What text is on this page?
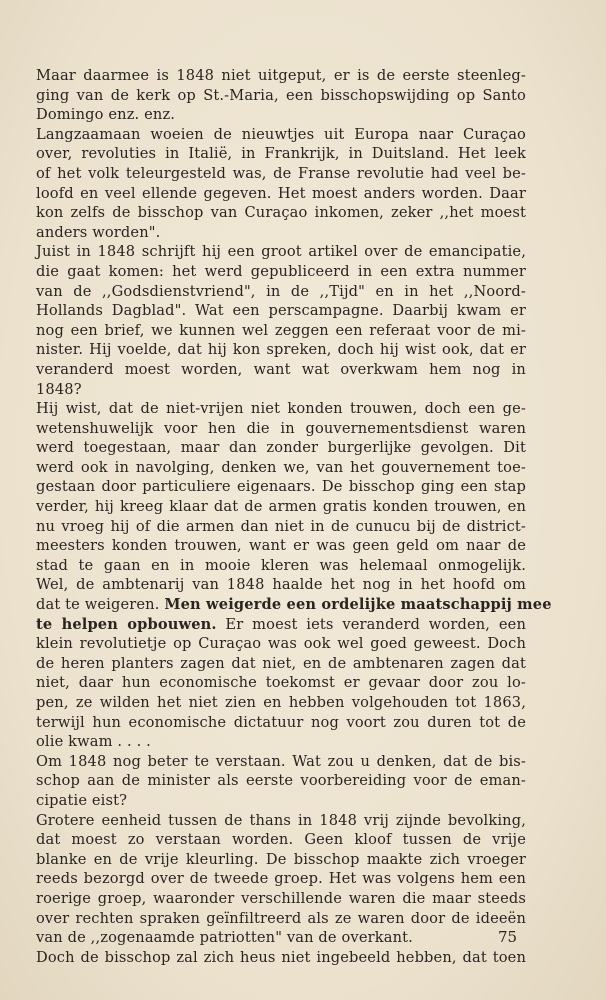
Maar daarmee is 1848 niet uitgeput, er is de eerste steenleg-
ging van de kerk op St.-Maria, een bisschopswijding op Santo
Domingo enz. enz.
Langzaamaan woeien de nieuwtjes uit Europa naar Curaçao
over, revoluties in Italië, in Frankrijk, in Duitsland. Het leek
of het volk teleurgesteld was, de Franse revolutie had veel be-
loofd en veel ellende gegeven. Het moest anders worden. Daar
kon zelfs de bisschop van Curaçao inkomen, zeker ,,het moest
anders worden".
Juist in 1848 schrijft hij een groot artikel over de emancipatie,
die gaat komen: het werd gepubliceerd in een extra nummer
van de ,,Godsdienstvriend", in de ,,Tijd" en in het ,,Noord-
Hollands Dagblad". Wat een perscampagne. Daarbij kwam er
nog een brief, we kunnen wel zeggen een referaat voor de mi-
nister. Hij voelde, dat hij kon spreken, doch hij wist ook, dat er
veranderd moest worden, want wat overkwam hem nog in
1848?
Hij wist, dat de niet-vrijen niet konden trouwen, doch een ge-
wetenshuwelijk voor hen die in gouvernementsdienst waren
werd toegestaan, maar dan zonder burgerlijke gevolgen. Dit
werd ook in navolging, denken we, van het gouvernement toe-
gestaan door particuliere eigenaars. De bisschop ging een stap
verder, hij kreeg klaar dat de armen gratis konden trouwen, en
nu vroeg hij of die armen dan niet in de cunucu bij de district-
meesters konden trouwen, want er was geen geld om naar de
stad te gaan en in mooie kleren was helemaal onmogelijk.
Wel, de ambtenarij van 1848 haalde het nog in het hoofd om
dat te weigeren. Men weigerde een ordelijke maatschappij mee
te helpen opbouwen. Er moest iets veranderd worden, een
klein revolutietje op Curaçao was ook wel goed geweest. Doch
de heren planters zagen dat niet, en de ambtenaren zagen dat
niet, daar hun economische toekomst er gevaar door zou lo-
pen, ze wilden het niet zien en hebben volgehouden tot 1863,
terwijl hun economische dictatuur nog voort zou duren tot de
olie kwam . . . .
Om 1848 nog beter te verstaan. Wat zou u denken, dat de bis-
schop aan de minister als eerste voorbereiding voor de eman-
cipatie eist?
Grotere eenheid tussen de thans in 1848 vrij zijnde bevolking,
dat moest zo verstaan worden. Geen kloof tussen de vrije
blanke en de vrije kleurling. De bisschop maakte zich vroeger
reeds bezorgd over de tweede groep. Het was volgens hem een
roerige groep, waaronder verschillende waren die maar steeds
over rechten spraken geïnfiltreerd als ze waren door de ideeën
van de ,,zogenaamde patriotten" van de overkant.
Doch de bisschop zal zich heus niet ingebeeld hebben, dat toen
75
